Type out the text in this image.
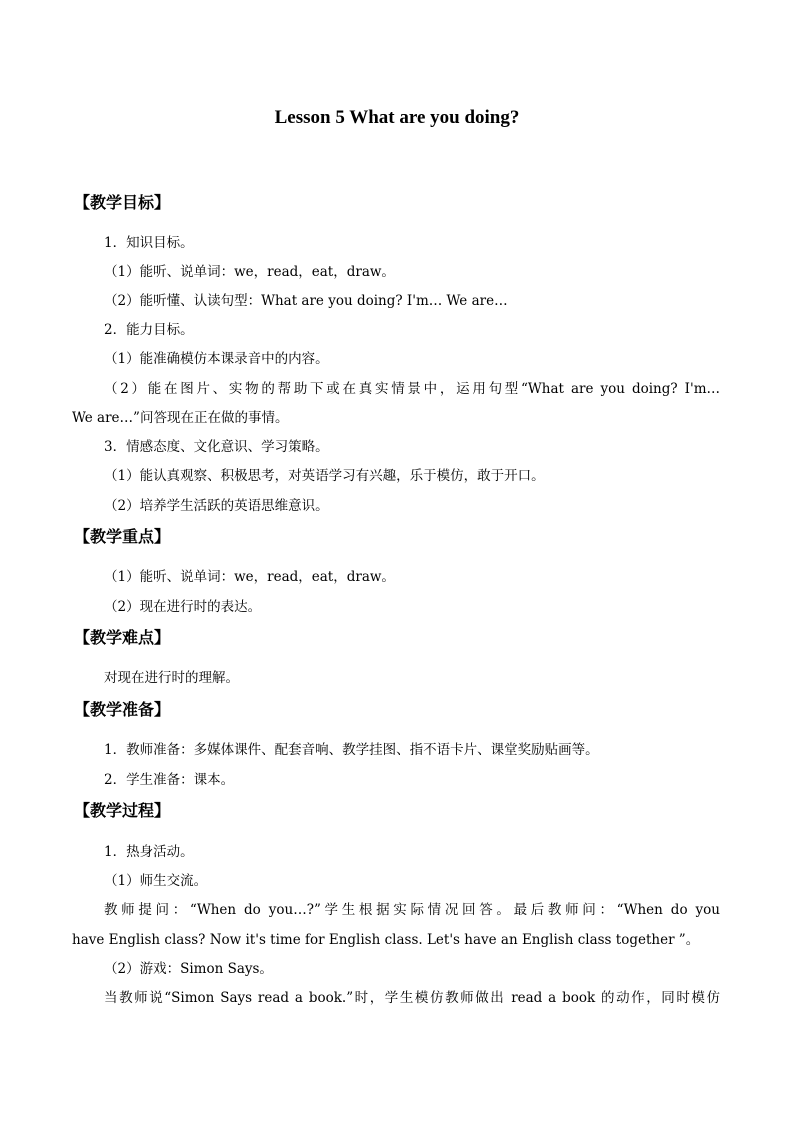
Lesson 5 What are you doing?
【教学目标】
1．知识目标。
（1）能听、说单词：we，read，eat，draw。
（2）能听懂、认读句型：What are you doing? I'm… We are…
2．能力目标。
（1）能准确模仿本课录音中的内容。
（2）能在图片、实物的帮助下或在真实情景中，运用句型“What are you doing? I'm…
We are…”问答现在正在做的事情。
3．情感态度、文化意识、学习策略。
（1）能认真观察、积极思考，对英语学习有兴趣，乐于模仿，敢于开口。
（2）培养学生活跃的英语思维意识。
【教学重点】
（1）能听、说单词：we，read，eat，draw。
（2）现在进行时的表达。
【教学难点】
对现在进行时的理解。
【教学准备】
1．教师准备：多媒体课件、配套音响、教学挂图、指不语卡片、课堂奖励贴画等。
2．学生准备：课本。
【教学过程】
1．热身活动。
（1）师生交流。
教师提问：“When do you…?”学生根据实际情况回答。最后教师问：“When do you
have English class? Now it's time for English class. Let's have an English class together ”。
（2）游戏：Simon Says。
当教师说“Simon Says read a book.”时，学生模仿教师做出 read a book 的动作，同时模仿
